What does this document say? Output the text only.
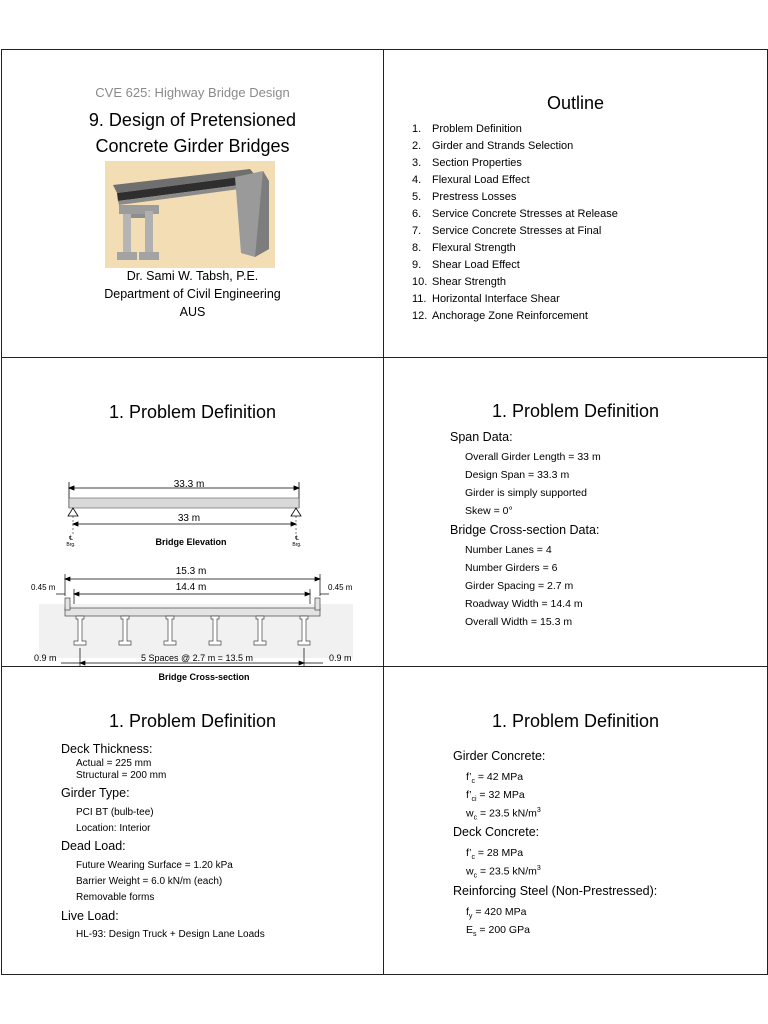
CVE 625: Highway Bridge Design
9. Design of Pretensioned
Concrete Girder Bridges
Dr. Sami W. Tabsh, P.E.
Department of Civil Engineering
AUS
Outline
1. Problem Definition
2. Girder and Strands Selection
3. Section Properties
4. Flexural Load Effect
5. Prestress Losses
6. Service Concrete Stresses at Release
7. Service Concrete Stresses at Final
8. Flexural Strength
9. Shear Load Effect
10. Shear Strength
11. Horizontal Interface Shear
12. Anchorage Zone Reinforcement
1. Problem Definition
33.3 m
33 m
℄	℄
Brg.	Brg.
Bridge Elevation
15.3 m
14.4 m
0.45 m	0.45 m
0.9 m	0.9 m
5 Spaces @ 2.7 m = 13.5 m
Bridge Cross-section
1. Problem Definition
Span Data:
Overall Girder Length = 33 m
Design Span = 33.3 m
Girder is simply supported
Skew = 0°
Bridge Cross-section Data:
Number Lanes = 4
Number Girders = 6
Girder Spacing = 2.7 m
Roadway Width = 14.4 m
Overall Width = 15.3 m
1. Problem Definition
Deck Thickness:
Actual = 225 mm
Structural = 200 mm
Girder Type:
PCI BT (bulb-tee)
Location: Interior
Dead Load:
Future Wearing Surface = 1.20 kPa
Barrier Weight = 6.0 kN/m (each)
Removable forms
Live Load:
HL-93: Design Truck + Design Lane Loads
1. Problem Definition
Girder Concrete:
$f’_c = 42$ MPa
$f’_{ci} = 32$ MPa
$w_c = 23.5$ $kN/m^3$
Deck Concrete:
$f’_c = 28$ MPa
$w_c = 23.5$ $kN/m^3$
Reinforcing Steel (Non-Prestressed):
$f_y = 420$ MPa
$E_s = 200$ GPa
